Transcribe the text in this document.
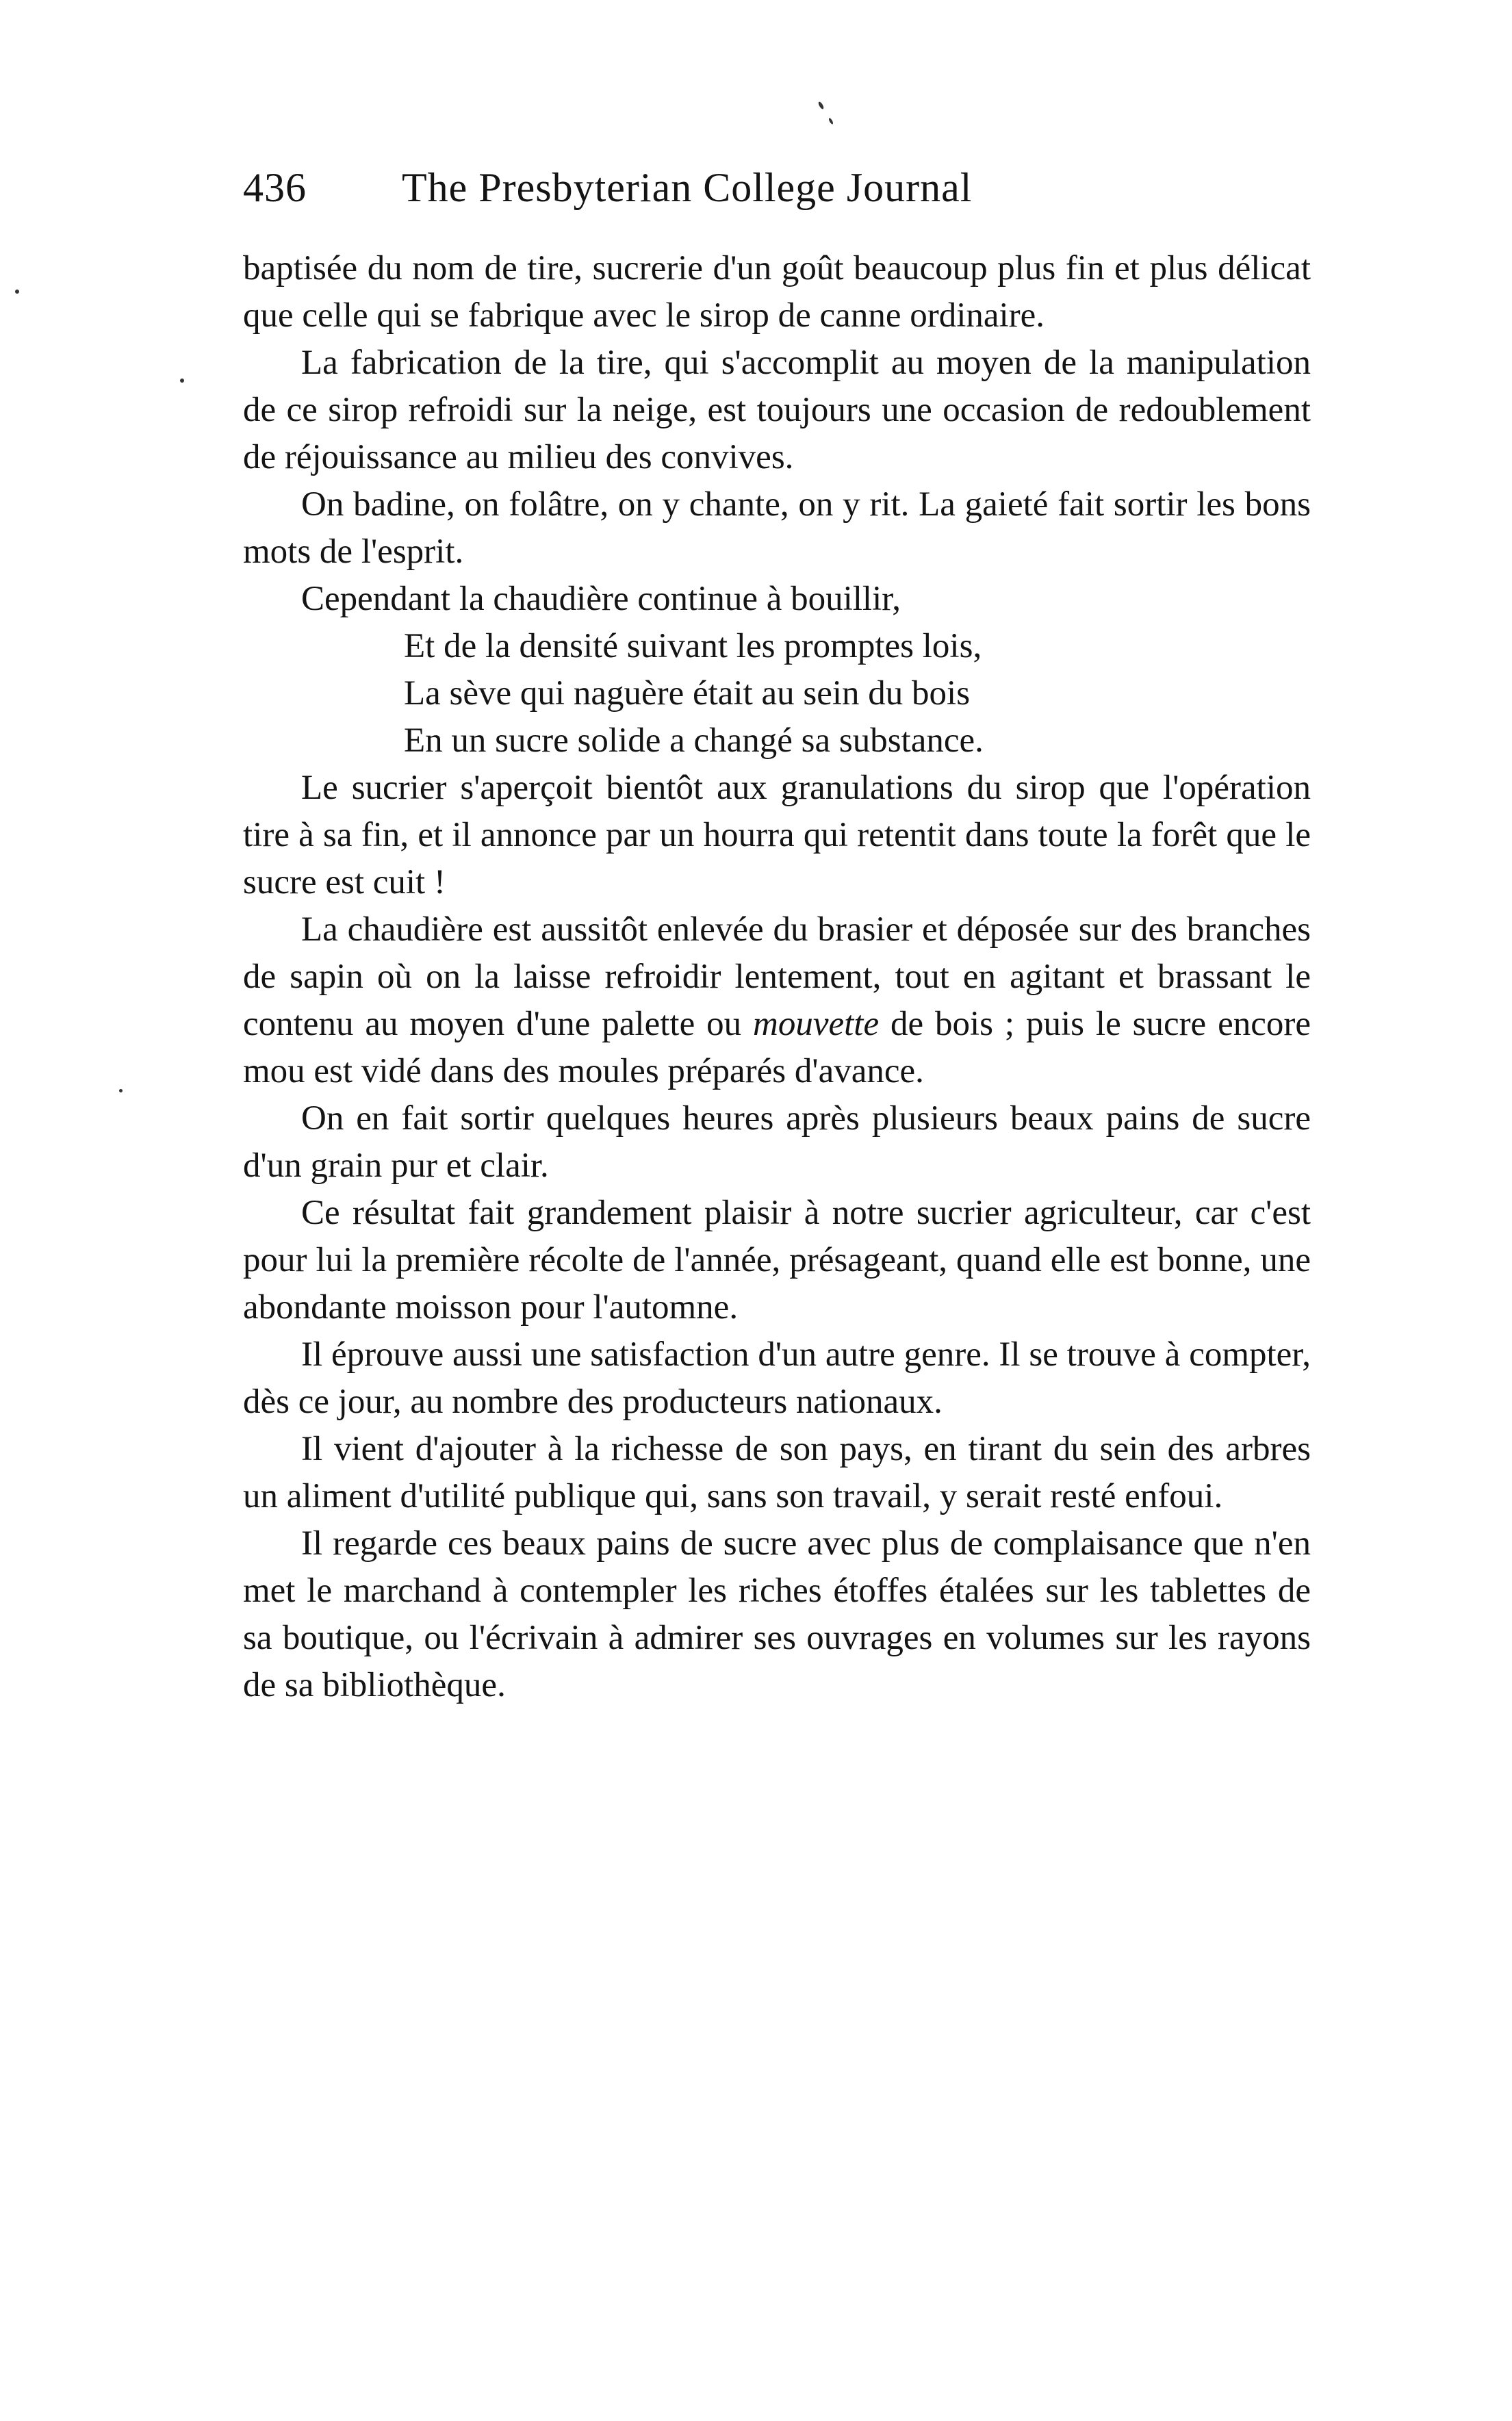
436	The Presbyterian College Journal

baptisée du nom de tire, sucrerie d'un goût beaucoup plus fin et plus délicat que celle qui se fabrique avec le sirop de canne ordinaire.

La fabrication de la tire, qui s'accomplit au moyen de la manipulation de ce sirop refroidi sur la neige, est toujours une occasion de redoublement de réjouissance au milieu des convives.

On badine, on folâtre, on y chante, on y rit. La gaieté fait sortir les bons mots de l'esprit.

Cependant la chaudière continue à bouillir,

Et de la densité suivant les promptes lois,

La sève qui naguère était au sein du bois

En un sucre solide a changé sa substance.

Le sucrier s'aperçoit bientôt aux granulations du sirop que l'opération tire à sa fin, et il annonce par un hourra qui retentit dans toute la forêt que le sucre est cuit !

La chaudière est aussitôt enlevée du brasier et déposée sur des branches de sapin où on la laisse refroidir lentement, tout en agitant et brassant le contenu au moyen d'une palette ou mouvette de bois ; puis le sucre encore mou est vidé dans des moules préparés d'avance.

On en fait sortir quelques heures après plusieurs beaux pains de sucre d'un grain pur et clair.

Ce résultat fait grandement plaisir à notre sucrier agriculteur, car c'est pour lui la première récolte de l'année, présageant, quand elle est bonne, une abondante moisson pour l'automne.

Il éprouve aussi une satisfaction d'un autre genre. Il se trouve à compter, dès ce jour, au nombre des producteurs nationaux.

Il vient d'ajouter à la richesse de son pays, en tirant du sein des arbres un aliment d'utilité publique qui, sans son travail, y serait resté enfoui.

Il regarde ces beaux pains de sucre avec plus de complaisance que n'en met le marchand à contempler les riches étoffes étalées sur les tablettes de sa boutique, ou l'écrivain à admirer ses ouvrages en volumes sur les rayons de sa bibliothèque.
